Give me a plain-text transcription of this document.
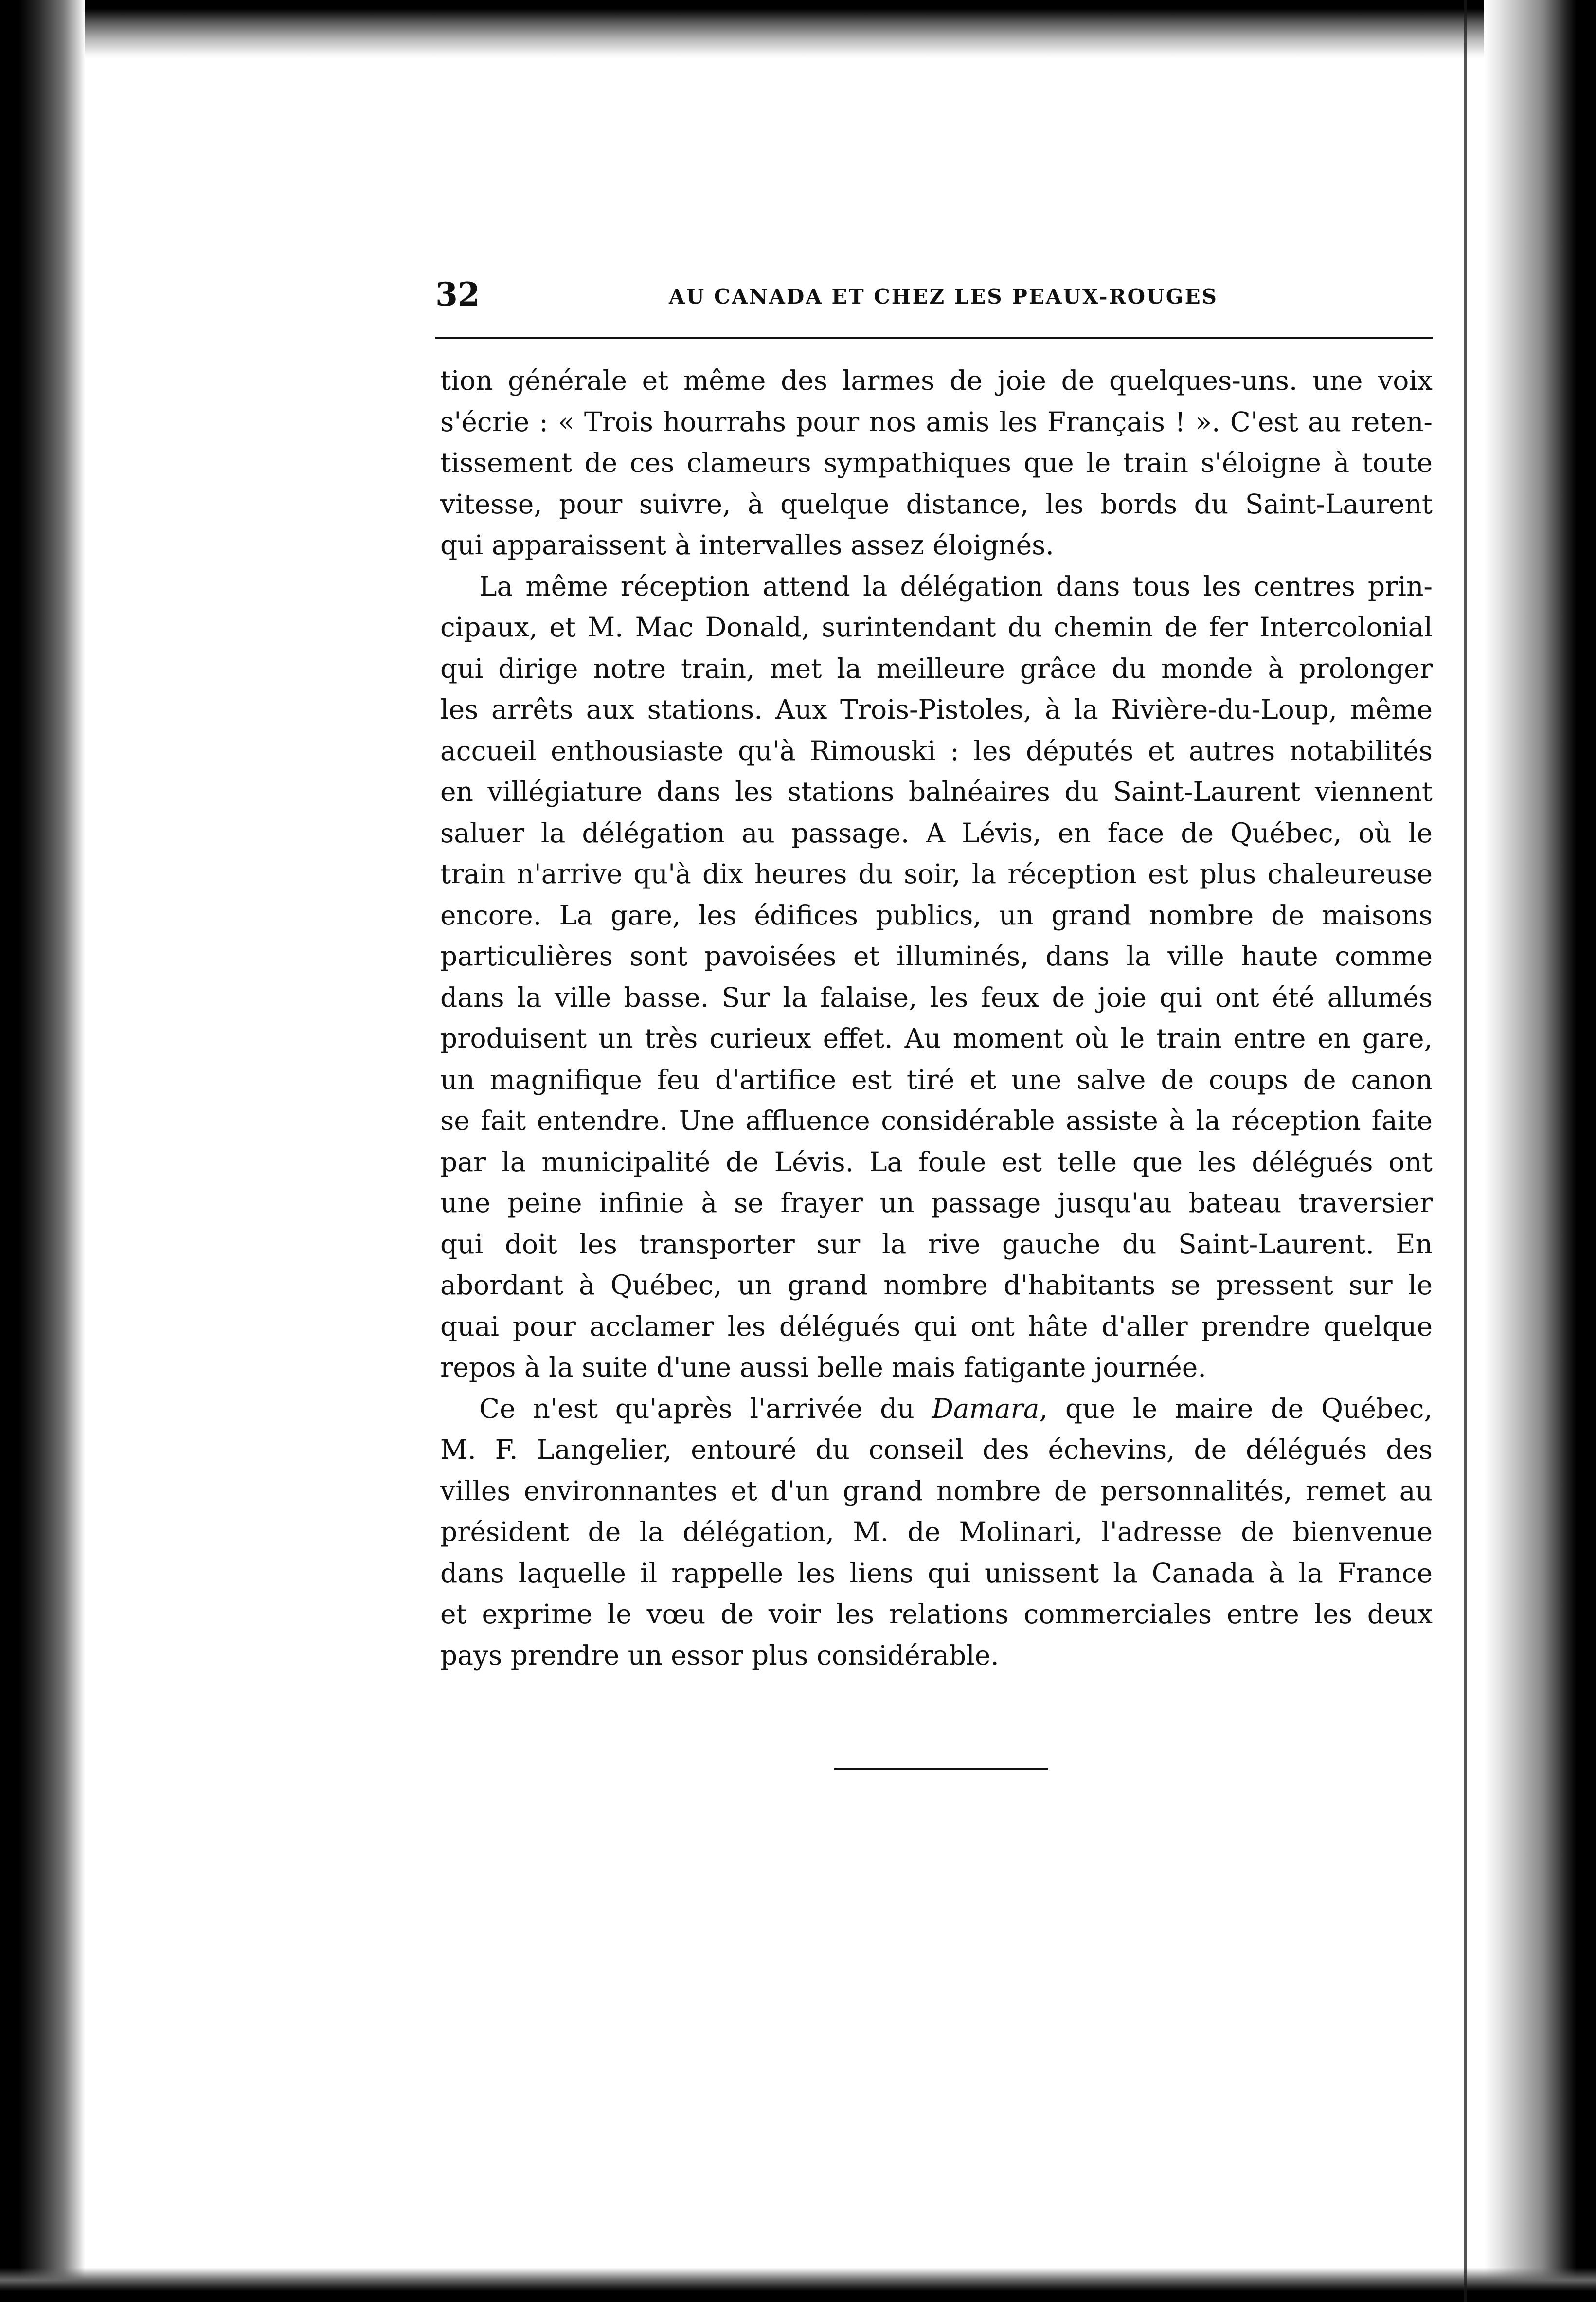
32	AU CANADA ET CHEZ LES PEAUX-ROUGES
tion générale et même des larmes de joie de quelques-uns. une voix
s'écrie : « Trois hourrahs pour nos amis les Français ! ». C'est au reten-
tissement de ces clameurs sympathiques que le train s'éloigne à toute
vitesse, pour suivre, à quelque distance, les bords du Saint-Laurent
qui apparaissent à intervalles assez éloignés.
La même réception attend la délégation dans tous les centres prin-
cipaux, et M. Mac Donald, surintendant du chemin de fer Intercolonial
qui dirige notre train, met la meilleure grâce du monde à prolonger
les arrêts aux stations. Aux Trois-Pistoles, à la Rivière-du-Loup, même
accueil enthousiaste qu'à Rimouski : les députés et autres notabilités
en villégiature dans les stations balnéaires du Saint-Laurent viennent
saluer la délégation au passage. A Lévis, en face de Québec, où le
train n'arrive qu'à dix heures du soir, la réception est plus chaleureuse
encore. La gare, les édifices publics, un grand nombre de maisons
particulières sont pavoisées et illuminés, dans la ville haute comme
dans la ville basse. Sur la falaise, les feux de joie qui ont été allumés
produisent un très curieux effet. Au moment où le train entre en gare,
un magnifique feu d'artifice est tiré et une salve de coups de canon
se fait entendre. Une affluence considérable assiste à la réception faite
par la municipalité de Lévis. La foule est telle que les délégués ont
une peine infinie à se frayer un passage jusqu'au bateau traversier
qui doit les transporter sur la rive gauche du Saint-Laurent. En
abordant à Québec, un grand nombre d'habitants se pressent sur le
quai pour acclamer les délégués qui ont hâte d'aller prendre quelque
repos à la suite d'une aussi belle mais fatigante journée.
Ce n'est qu'après l'arrivée du Damara, que le maire de Québec,
M. F. Langelier, entouré du conseil des échevins, de délégués des
villes environnantes et d'un grand nombre de personnalités, remet au
président de la délégation, M. de Molinari, l'adresse de bienvenue
dans laquelle il rappelle les liens qui unissent la Canada à la France
et exprime le vœu de voir les relations commerciales entre les deux
pays prendre un essor plus considérable.
